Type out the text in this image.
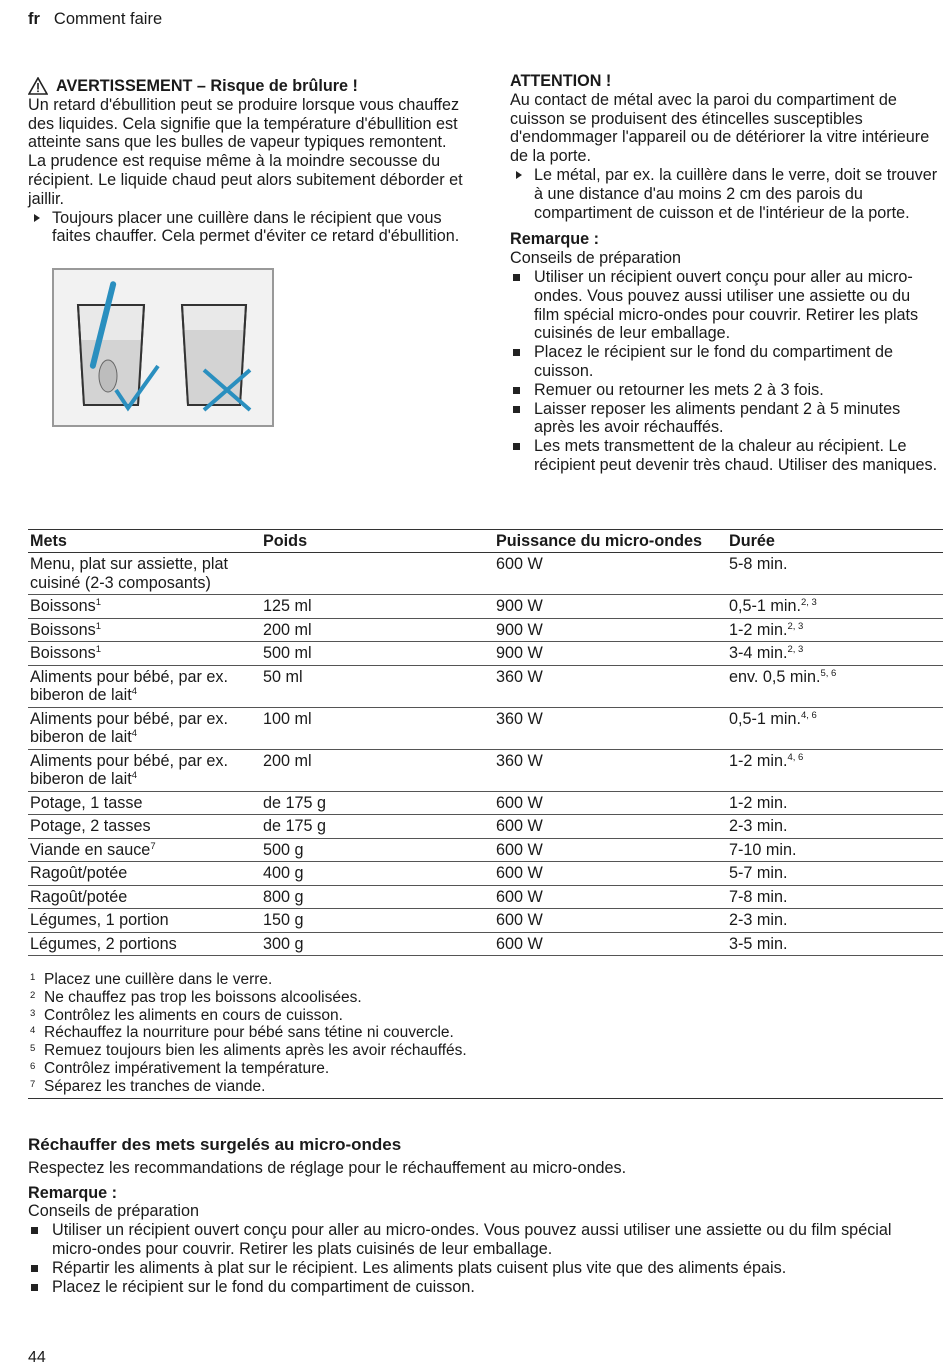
fr Comment faire
AVERTISSEMENT – Risque de brûlure !
Un retard d'ébullition peut se produire lorsque vous chauffez des liquides. Cela signifie que la température d'ébullition est atteinte sans que les bulles de vapeur typiques remontent. La prudence est requise même à la moindre secousse du récipient. Le liquide chaud peut alors subitement déborder et jaillir.
Toujours placer une cuillère dans le récipient que vous faites chauffer. Cela permet d'éviter ce retard d'ébullition.
ATTENTION !
Au contact de métal avec la paroi du compartiment de cuisson se produisent des étincelles susceptibles d'endommager l'appareil ou de détériorer la vitre intérieure de la porte.
Le métal, par ex. la cuillère dans le verre, doit se trouver à une distance d'au moins 2 cm des parois du compartiment de cuisson et de l'intérieur de la porte.
Remarque :
Conseils de préparation
Utiliser un récipient ouvert conçu pour aller au micro-ondes. Vous pouvez aussi utiliser une assiette ou du film spécial micro-ondes pour couvrir. Retirer les plats cuisinés de leur emballage.
Placez le récipient sur le fond du compartiment de cuisson.
Remuer ou retourner les mets 2 à 3 fois.
Laisser reposer les aliments pendant 2 à 5 minutes après les avoir réchauffés.
Les mets transmettent de la chaleur au récipient. Le récipient peut devenir très chaud. Utiliser des maniques.
Mets	Poids	Puissance du micro-ondes	Durée
Menu, plat sur assiette, plat cuisiné (2-3 composants)		600 W	5-8 min.
Boissons$^1$	125 ml	900 W	0,5-1 min.$^{2, 3}$
Boissons$^1$	200 ml	900 W	1-2 min.$^{2, 3}$
Boissons$^1$	500 ml	900 W	3-4 min.$^{2, 3}$
Aliments pour bébé, par ex. biberon de lait$^4$	50 ml	360 W	env. 0,5 min.$^{5, 6}$
Aliments pour bébé, par ex. biberon de lait$^4$	100 ml	360 W	0,5-1 min.$^{4, 6}$
Aliments pour bébé, par ex. biberon de lait$^4$	200 ml	360 W	1-2 min.$^{4, 6}$
Potage, 1 tasse	de 175 g	600 W	1-2 min.
Potage, 2 tasses	de 175 g	600 W	2-3 min.
Viande en sauce$^7$	500 g	600 W	7-10 min.
Ragoût/potée	400 g	600 W	5-7 min.
Ragoût/potée	800 g	600 W	7-8 min.
Légumes, 1 portion	150 g	600 W	2-3 min.
Légumes, 2 portions	300 g	600 W	3-5 min.
1 Placez une cuillère dans le verre.
2 Ne chauffez pas trop les boissons alcoolisées.
3 Contrôlez les aliments en cours de cuisson.
4 Réchauffez la nourriture pour bébé sans tétine ni couvercle.
5 Remuez toujours bien les aliments après les avoir réchauffés.
6 Contrôlez impérativement la température.
7 Séparez les tranches de viande.
Réchauffer des mets surgelés au micro-ondes
Respectez les recommandations de réglage pour le réchauffement au micro-ondes.
Remarque :
Conseils de préparation
Utiliser un récipient ouvert conçu pour aller au micro-ondes. Vous pouvez aussi utiliser une assiette ou du film spécial micro-ondes pour couvrir. Retirer les plats cuisinés de leur emballage.
Répartir les aliments à plat sur le récipient. Les aliments plats cuisent plus vite que des aliments épais.
Placez le récipient sur le fond du compartiment de cuisson.
44
